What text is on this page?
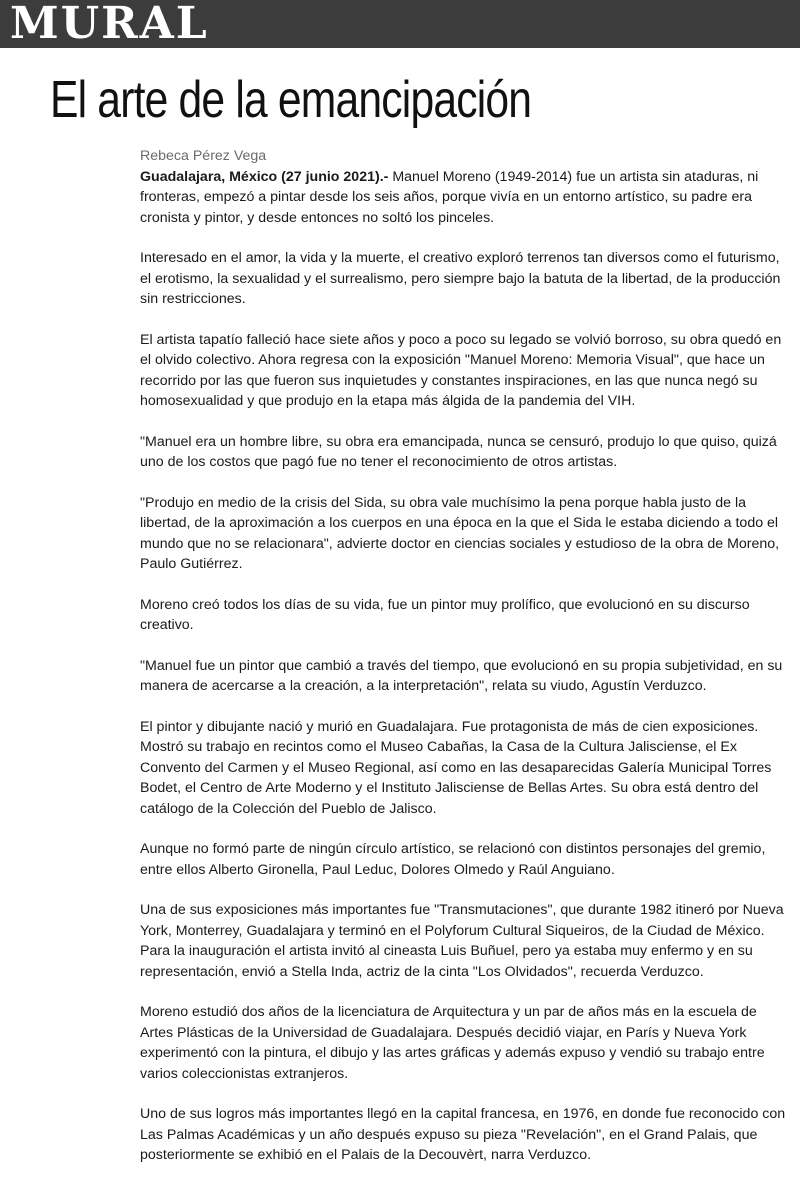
MURAL
El arte de la emancipación
Rebeca Pérez Vega

Guadalajara, México (27 junio 2021).- Manuel Moreno (1949-2014) fue un artista sin ataduras, ni fronteras, empezó a pintar desde los seis años, porque vivía en un entorno artístico, su padre era cronista y pintor, y desde entonces no soltó los pinceles.

Interesado en el amor, la vida y la muerte, el creativo exploró terrenos tan diversos como el futurismo, el erotismo, la sexualidad y el surrealismo, pero siempre bajo la batuta de la libertad, de la producción sin restricciones.

El artista tapatío falleció hace siete años y poco a poco su legado se volvió borroso, su obra quedó en el olvido colectivo. Ahora regresa con la exposición "Manuel Moreno: Memoria Visual", que hace un recorrido por las que fueron sus inquietudes y constantes inspiraciones, en las que nunca negó su homosexualidad y que produjo en la etapa más álgida de la pandemia del VIH.

"Manuel era un hombre libre, su obra era emancipada, nunca se censuró, produjo lo que quiso, quizá uno de los costos que pagó fue no tener el reconocimiento de otros artistas.

"Produjo en medio de la crisis del Sida, su obra vale muchísimo la pena porque habla justo de la libertad, de la aproximación a los cuerpos en una época en la que el Sida le estaba diciendo a todo el mundo que no se relacionara", advierte doctor en ciencias sociales y estudioso de la obra de Moreno, Paulo Gutiérrez.

Moreno creó todos los días de su vida, fue un pintor muy prolífico, que evolucionó en su discurso creativo.

"Manuel fue un pintor que cambió a través del tiempo, que evolucionó en su propia subjetividad, en su manera de acercarse a la creación, a la interpretación", relata su viudo, Agustín Verduzco.

El pintor y dibujante nació y murió en Guadalajara. Fue protagonista de más de cien exposiciones. Mostró su trabajo en recintos como el Museo Cabañas, la Casa de la Cultura Jalisciense, el Ex Convento del Carmen y el Museo Regional, así como en las desaparecidas Galería Municipal Torres Bodet, el Centro de Arte Moderno y el Instituto Jalisciense de Bellas Artes. Su obra está dentro del catálogo de la Colección del Pueblo de Jalisco.

Aunque no formó parte de ningún círculo artístico, se relacionó con distintos personajes del gremio, entre ellos Alberto Gironella, Paul Leduc, Dolores Olmedo y Raúl Anguiano.

Una de sus exposiciones más importantes fue "Transmutaciones", que durante 1982 itineró por Nueva York, Monterrey, Guadalajara y terminó en el Polyforum Cultural Siqueiros, de la Ciudad de México. Para la inauguración el artista invitó al cineasta Luis Buñuel, pero ya estaba muy enfermo y en su representación, envió a Stella Inda, actriz de la cinta "Los Olvidados", recuerda Verduzco.

Moreno estudió dos años de la licenciatura de Arquitectura y un par de años más en la escuela de Artes Plásticas de la Universidad de Guadalajara. Después decidió viajar, en París y Nueva York experimentó con la pintura, el dibujo y las artes gráficas y además expuso y vendió su trabajo entre varios coleccionistas extranjeros.

Uno de sus logros más importantes llegó en la capital francesa, en 1976, en donde fue reconocido con Las Palmas Académicas y un año después expuso su pieza "Revelación", en el Grand Palais, que posteriormente se exhibió en el Palais de la Decouvèrt, narra Verduzco.
